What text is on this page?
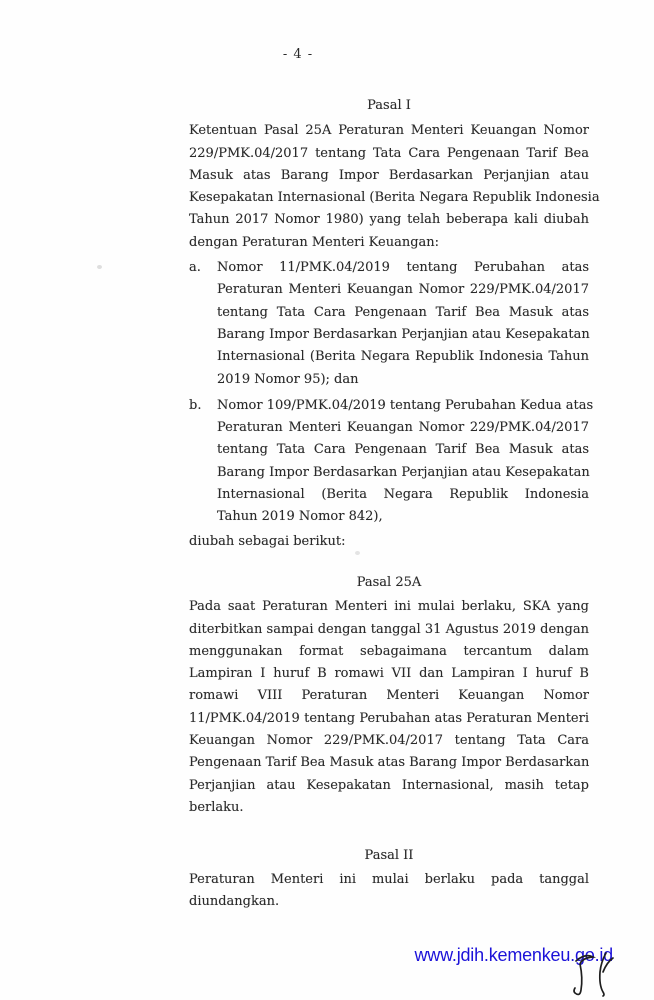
- 4 -
Pasal I
Ketentuan Pasal 25A Peraturan Menteri Keuangan Nomor
229/PMK.04/2017 tentang Tata Cara Pengenaan Tarif Bea
Masuk atas Barang Impor Berdasarkan Perjanjian atau
Kesepakatan Internasional (Berita Negara Republik Indonesia
Tahun 2017 Nomor 1980) yang telah beberapa kali diubah
dengan Peraturan Menteri Keuangan:
a.	Nomor 11/PMK.04/2019 tentang Perubahan atas
Peraturan Menteri Keuangan Nomor 229/PMK.04/2017
tentang Tata Cara Pengenaan Tarif Bea Masuk atas
Barang Impor Berdasarkan Perjanjian atau Kesepakatan
Internasional (Berita Negara Republik Indonesia Tahun
2019 Nomor 95); dan
b.	Nomor 109/PMK.04/2019 tentang Perubahan Kedua atas
Peraturan Menteri Keuangan Nomor 229/PMK.04/2017
tentang Tata Cara Pengenaan Tarif Bea Masuk atas
Barang Impor Berdasarkan Perjanjian atau Kesepakatan
Internasional (Berita Negara Republik Indonesia
Tahun 2019 Nomor 842),
diubah sebagai berikut:
Pasal 25A
Pada saat Peraturan Menteri ini mulai berlaku, SKA yang
diterbitkan sampai dengan tanggal 31 Agustus 2019 dengan
menggunakan format sebagaimana tercantum dalam
Lampiran I huruf B romawi VII dan Lampiran I huruf B
romawi VIII Peraturan Menteri Keuangan Nomor
11/PMK.04/2019 tentang Perubahan atas Peraturan Menteri
Keuangan Nomor 229/PMK.04/2017 tentang Tata Cara
Pengenaan Tarif Bea Masuk atas Barang Impor Berdasarkan
Perjanjian atau Kesepakatan Internasional, masih tetap
berlaku.
Pasal II
Peraturan Menteri ini mulai berlaku pada tanggal
diundangkan.
www.jdih.kemenkeu.go.id
